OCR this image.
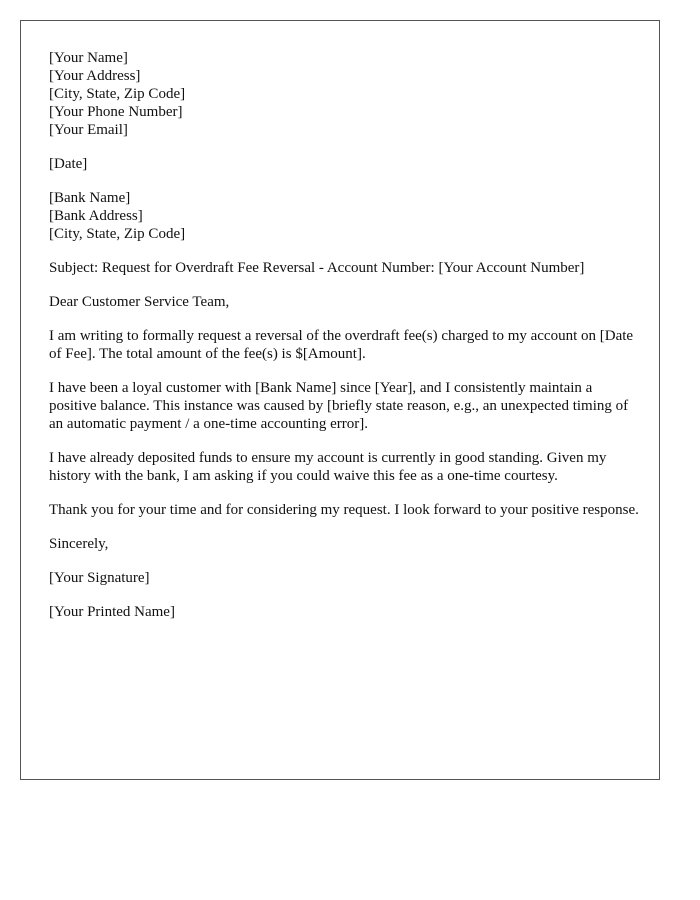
[Your Name]
[Your Address]
[City, State, Zip Code]
[Your Phone Number]
[Your Email]
[Date]
[Bank Name]
[Bank Address]
[City, State, Zip Code]
Subject: Request for Overdraft Fee Reversal - Account Number: [Your Account Number]
Dear Customer Service Team,

I am writing to formally request a reversal of the overdraft fee(s) charged to my account on [Date of Fee]. The total amount of the fee(s) is $[Amount].

I have been a loyal customer with [Bank Name] since [Year], and I consistently maintain a positive balance. This instance was caused by [briefly state reason, e.g., an unexpected timing of an automatic payment / a one-time accounting error].

I have already deposited funds to ensure my account is currently in good standing. Given my history with the bank, I am asking if you could waive this fee as a one-time courtesy.

Thank you for your time and for considering my request. I look forward to your positive response.

Sincerely,
[Your Signature]
[Your Printed Name]
